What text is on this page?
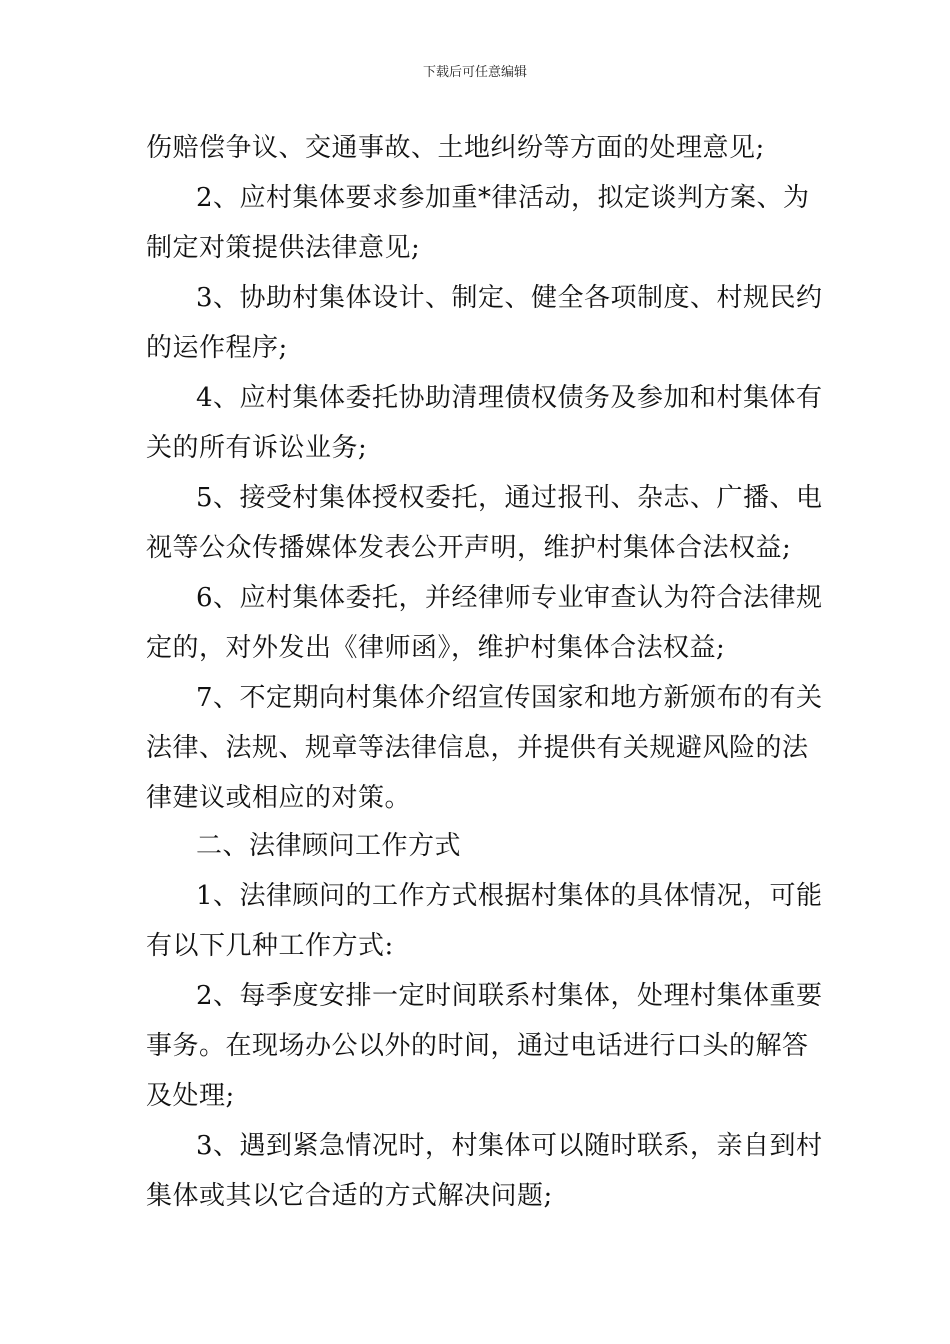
下载后可任意编辑
伤赔偿争议、交通事故、土地纠纷等方面的处理意见;
2、应村集体要求参加重*律活动，拟定谈判方案、为
制定对策提供法律意见;
3、协助村集体设计、制定、健全各项制度、村规民约
的运作程序;
4、应村集体委托协助清理债权债务及参加和村集体有
关的所有诉讼业务;
5、接受村集体授权委托，通过报刊、杂志、广播、电
视等公众传播媒体发表公开声明，维护村集体合法权益;
6、应村集体委托，并经律师专业审查认为符合法律规
定的，对外发出《律师函》，维护村集体合法权益;
7、不定期向村集体介绍宣传国家和地方新颁布的有关
法律、法规、规章等法律信息，并提供有关规避风险的法
律建议或相应的对策。
二、法律顾问工作方式
1、法律顾问的工作方式根据村集体的具体情况，可能
有以下几种工作方式:
2、每季度安排一定时间联系村集体，处理村集体重要
事务。在现场办公以外的时间，通过电话进行口头的解答
及处理;
3、遇到紧急情况时，村集体可以随时联系，亲自到村
集体或其以它合适的方式解决问题;
